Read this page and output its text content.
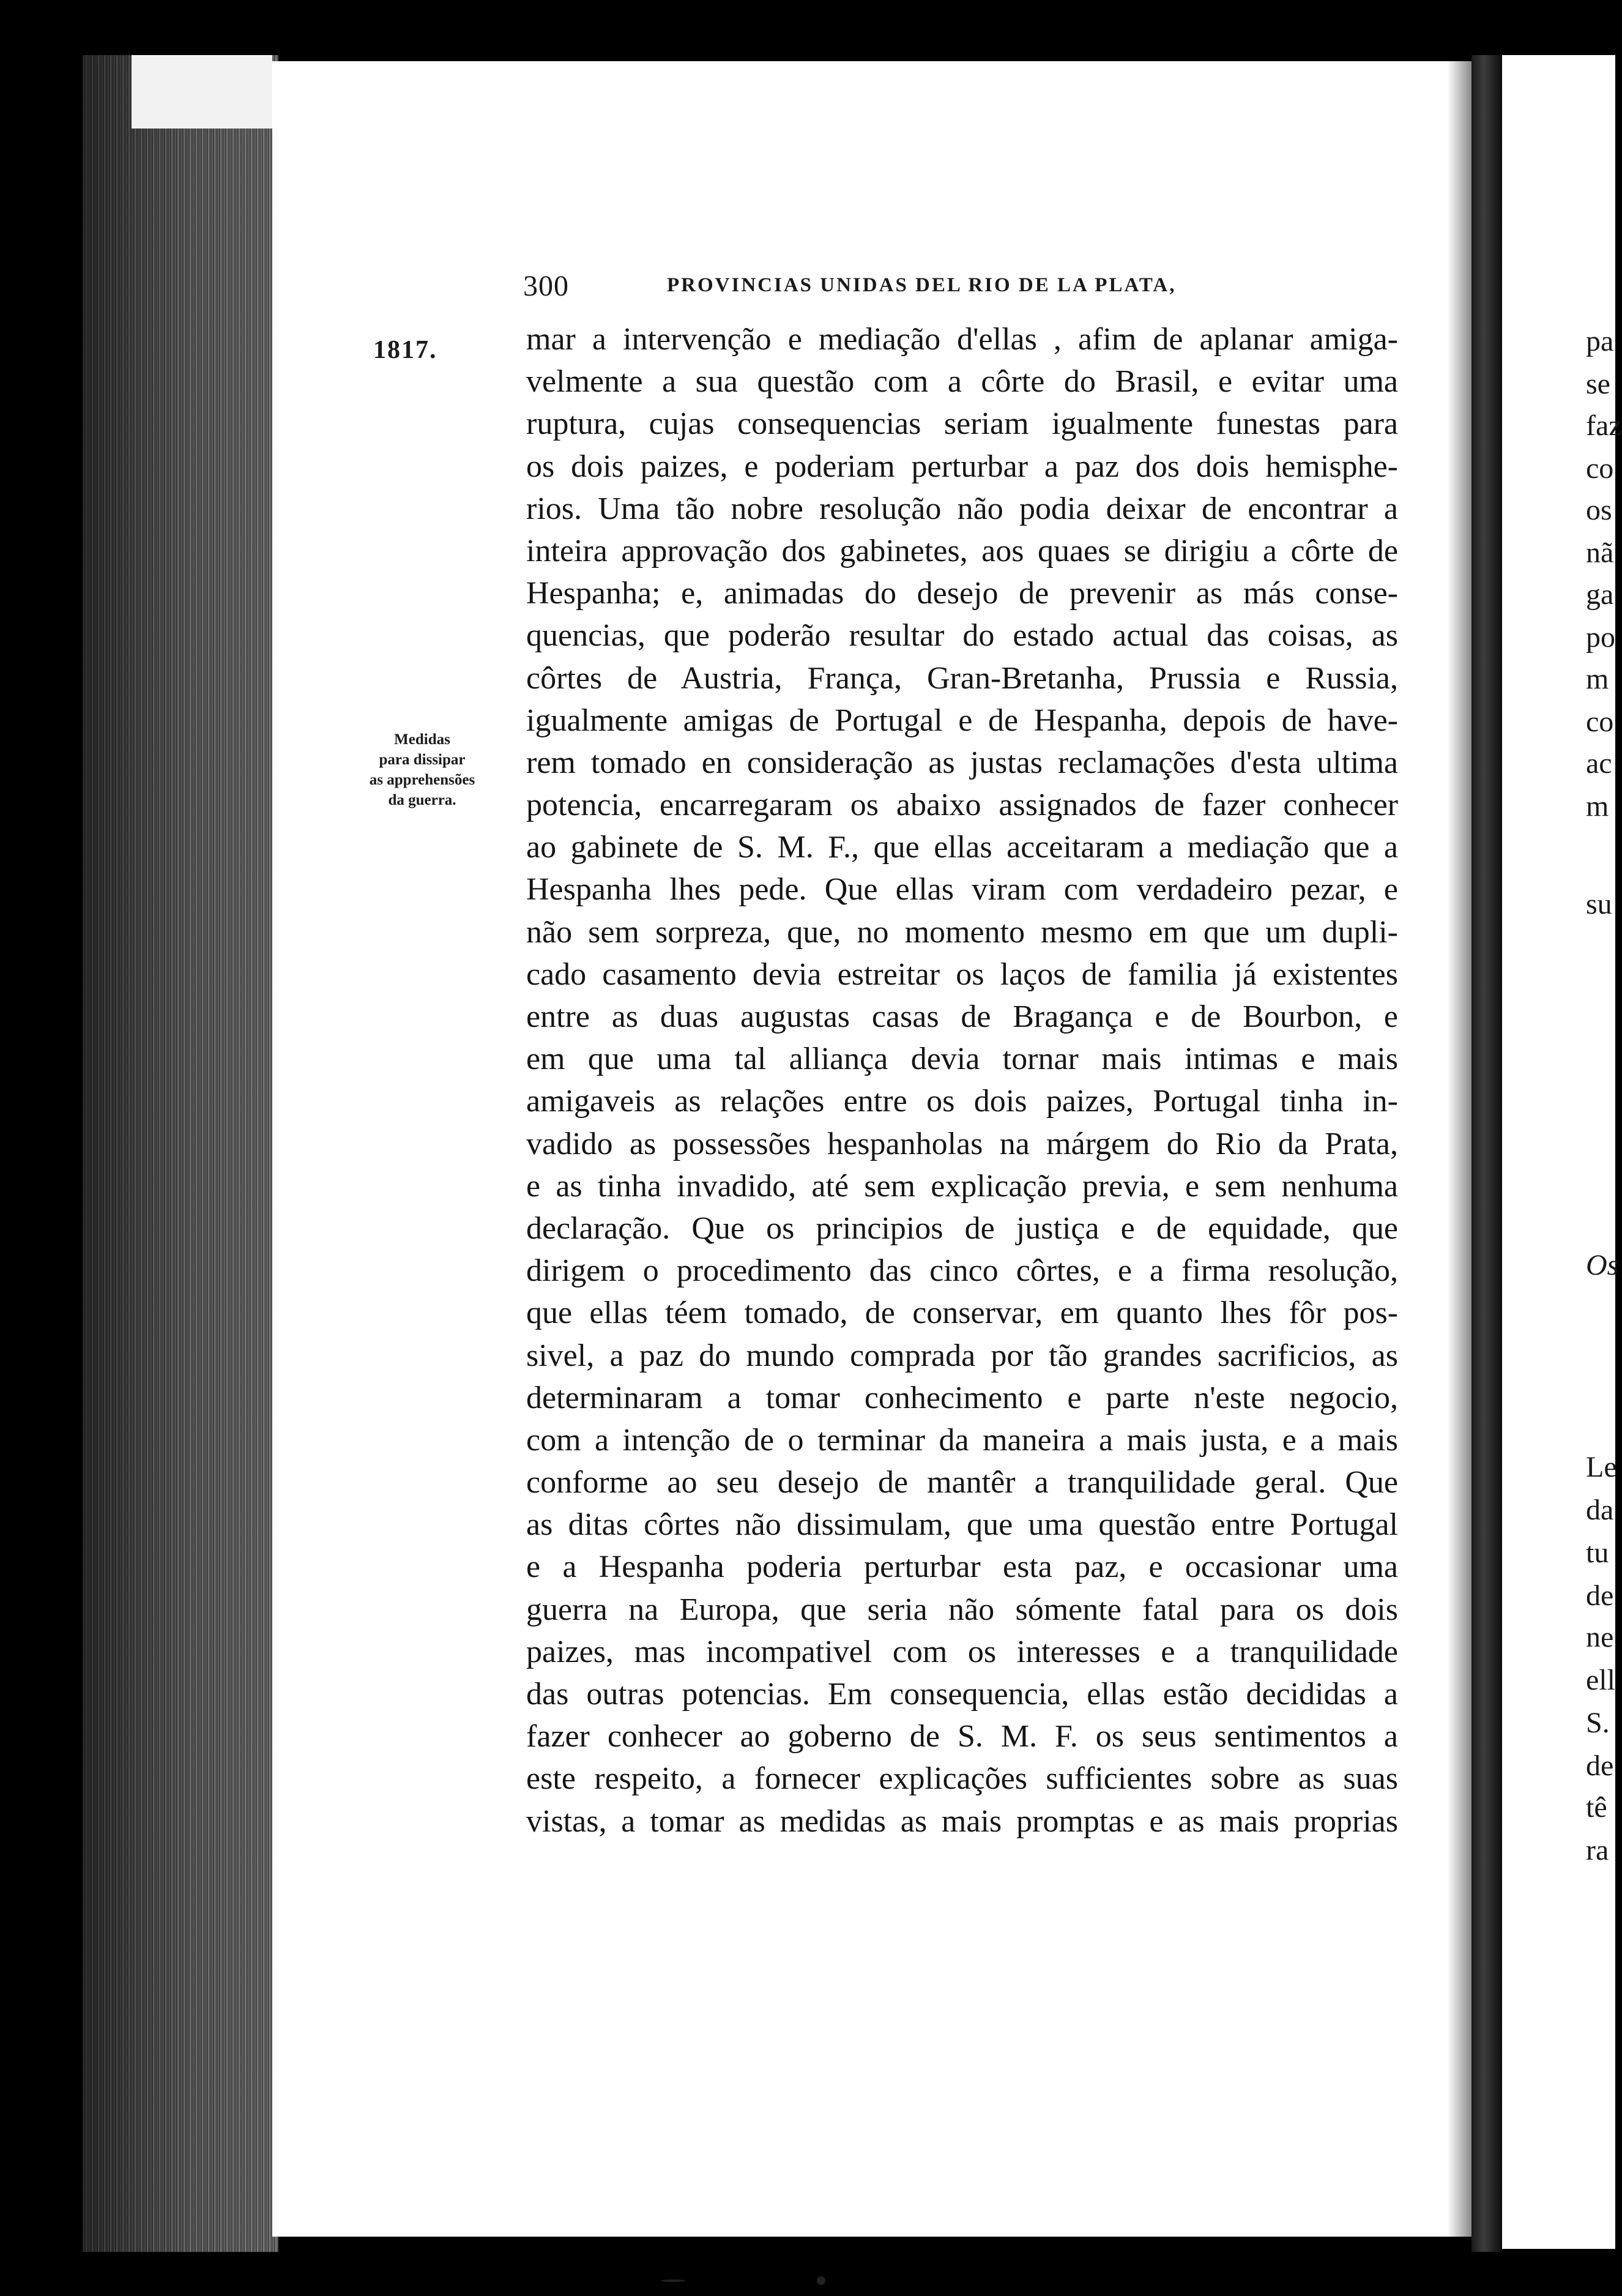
300	PROVINCIAS UNIDAS DEL RIO DE LA PLATA,
1817.
Medidas
para dissipar
as apprehensões
da guerra.
mar a intervenção e mediação d'ellas , afim de aplanar amiga-
velmente a sua questão com a côrte do Brasil, e evitar uma
ruptura, cujas consequencias seriam igualmente funestas para
os dois paizes, e poderiam perturbar a paz dos dois hemisphe-
rios. Uma tão nobre resolução não podia deixar de encontrar a
inteira approvação dos gabinetes, aos quaes se dirigiu a côrte de
Hespanha; e, animadas do desejo de prevenir as más conse-
quencias, que poderão resultar do estado actual das coisas, as
côrtes de Austria, França, Gran-Bretanha, Prussia e Russia,
igualmente amigas de Portugal e de Hespanha, depois de have-
rem tomado en consideração as justas reclamações d'esta ultima
potencia, encarregaram os abaixo assignados de fazer conhecer
ao gabinete de S. M. F., que ellas acceitaram a mediação que a
Hespanha lhes pede. Que ellas viram com verdadeiro pezar, e
não sem sorpreza, que, no momento mesmo em que um dupli-
cado casamento devia estreitar os laços de familia já existentes
entre as duas augustas casas de Bragança e de Bourbon, e
em que uma tal alliança devia tornar mais intimas e mais
amigaveis as relações entre os dois paizes, Portugal tinha in-
vadido as possessões hespanholas na márgem do Rio da Prata,
e as tinha invadido, até sem explicação previa, e sem nenhuma
declaração. Que os principios de justiça e de equidade, que
dirigem o procedimento das cinco côrtes, e a firma resolução,
que ellas téem tomado, de conservar, em quanto lhes fôr pos-
sivel, a paz do mundo comprada por tão grandes sacrificios, as
determinaram a tomar conhecimento e parte n'este negocio,
com a intenção de o terminar da maneira a mais justa, e a mais
conforme ao seu desejo de mantêr a tranquilidade geral. Que
as ditas côrtes não dissimulam, que uma questão entre Portugal
e a Hespanha poderia perturbar esta paz, e occasionar uma
guerra na Europa, que seria não sómente fatal para os dois
paizes, mas incompativel com os interesses e a tranquilidade
das outras potencias. Em consequencia, ellas estão decididas a
fazer conhecer ao goberno de S. M. F. os seus sentimentos a
este respeito, a fornecer explicações sufficientes sobre as suas
vistas, a tomar as medidas as mais promptas e as mais proprias
pa
se
faz
co
os
nã
ga
po
m
co
ac
m
su
Os
Le
da
tu
de
ne
ell
S.
de
tê
ra
